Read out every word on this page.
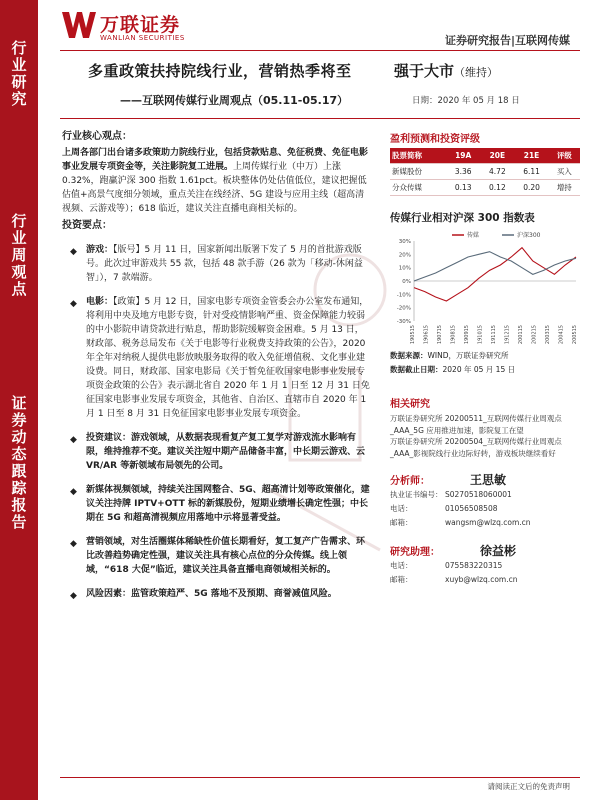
行业研究
行业周观点
证券动态跟踪报告
万联证券
WANLIAN SECURITIES	证券研究报告|互联网传媒
多重政策扶持院线行业，营销热季将至	强于大市（维持）
——互联网传媒行业周观点（05.11-05.17）	日期：2020 年 05 月 18 日
行业核心观点：
上周各部门出台诸多政策助力院线行业，包括贷款贴息、免征税费、免征电影事业发展专项资金等，关注影院复工进展。上周传媒行业（中万）上涨 0.32%，跑赢沪深 300 指数 1.61pct。板块整体仍处估值低位，建议把握低估值+高景气度细分领域，重点关注在线经济、5G 建设与应用主线（超高清视频、云游戏等）；618 临近，建议关注直播电商相关标的。
投资要点：
◆ 游戏：【版号】5 月 11 日，国家新闻出版署下发了 5 月的首批游戏版号。此次过审游戏共 55 款，包括 48 款手游（26 款为「移动-休闲益智」），7 款端游。
◆ 电影：【政策】5 月 12 日，国家电影专项资金管委会办公室发布通知，将利用中央及地方电影专资，针对受疫情影响严重、资金保障能力较弱的中小影院申请贷款进行贴息，帮助影院缓解资金困难。5 月 13 日，财政部、税务总局发布《关于电影等行业税费支持政策的公告》，2020 年全年对纳税人提供电影放映服务取得的收入免征增值税、文化事业建设费。同日，财政部、国家电影局《关于暂免征收国家电影事业发展专项资金政策的公告》表示湖北省自 2020 年 1 月 1 日至 12 月 31 日免征国家电影事业发展专项资金，其他省、自治区、直辖市自 2020 年 1 月 1 日至 8 月 31 日免征国家电影事业发展专项资金。
◆ 投资建议：游戏领域，从数据表现看复产复工复学对游戏流水影响有限，维持推荐不变。建议关注短中期产品储备丰富，中长期云游戏、云 VR/AR 等新领域布局领先的公司。
◆ 新媒体视频领域，持续关注国网整合、5G、超高清计划等政策催化，建议关注持牌 IPTV+OTT 标的新媒股份，短期业绩增长确定性强；中长期在 5G 和超高清视频应用落地中示将显著受益。
◆ 营销领域，对生活圈媒体稀缺性价值长期看好，复工复产广告需求、环比改善趋势确定性强，建议关注具有核心点位的分众传媒。线上领域，“618 大促”临近，建议关注具备直播电商领域相关标的。
◆ 风险因素：监管政策趋严、5G 落地不及预期、商誉减值风险。
盈利预测和投资评级
股票简称	19A	20E	21E	评级
新媒股份	3.36	4.72	6.11	买入
分众传媒	0.13	0.12	0.20	增持
传媒行业相对沪深 300 指数表
30%
20%
10%
0%
-10%
-20%
-30%
190515 190615 190715 190815 190915 191015 191115 191215 200115 200215 200315 200415 200515
传媒	沪深300
数据来源：WIND，万联证券研究所
数据截止日期：2020 年 05 月 15 日
相关研究
万联证券研究所 20200511_互联网传媒行业周观点_AAA_5G 应用推进加速，影院复工在望
万联证券研究所 20200504_互联网传媒行业周观点_AAA_影视院线行业边际好转，游戏板块继续看好
分析师：	王思敏
执业证书编号： S0270518060001
电话：	01056508508
邮箱：	wangsm@wlzq.com.cn
研究助理：	徐益彬
电话：	075583220315
邮箱：	xuyb@wlzq.com.cn
请阅读正文后的免责声明
